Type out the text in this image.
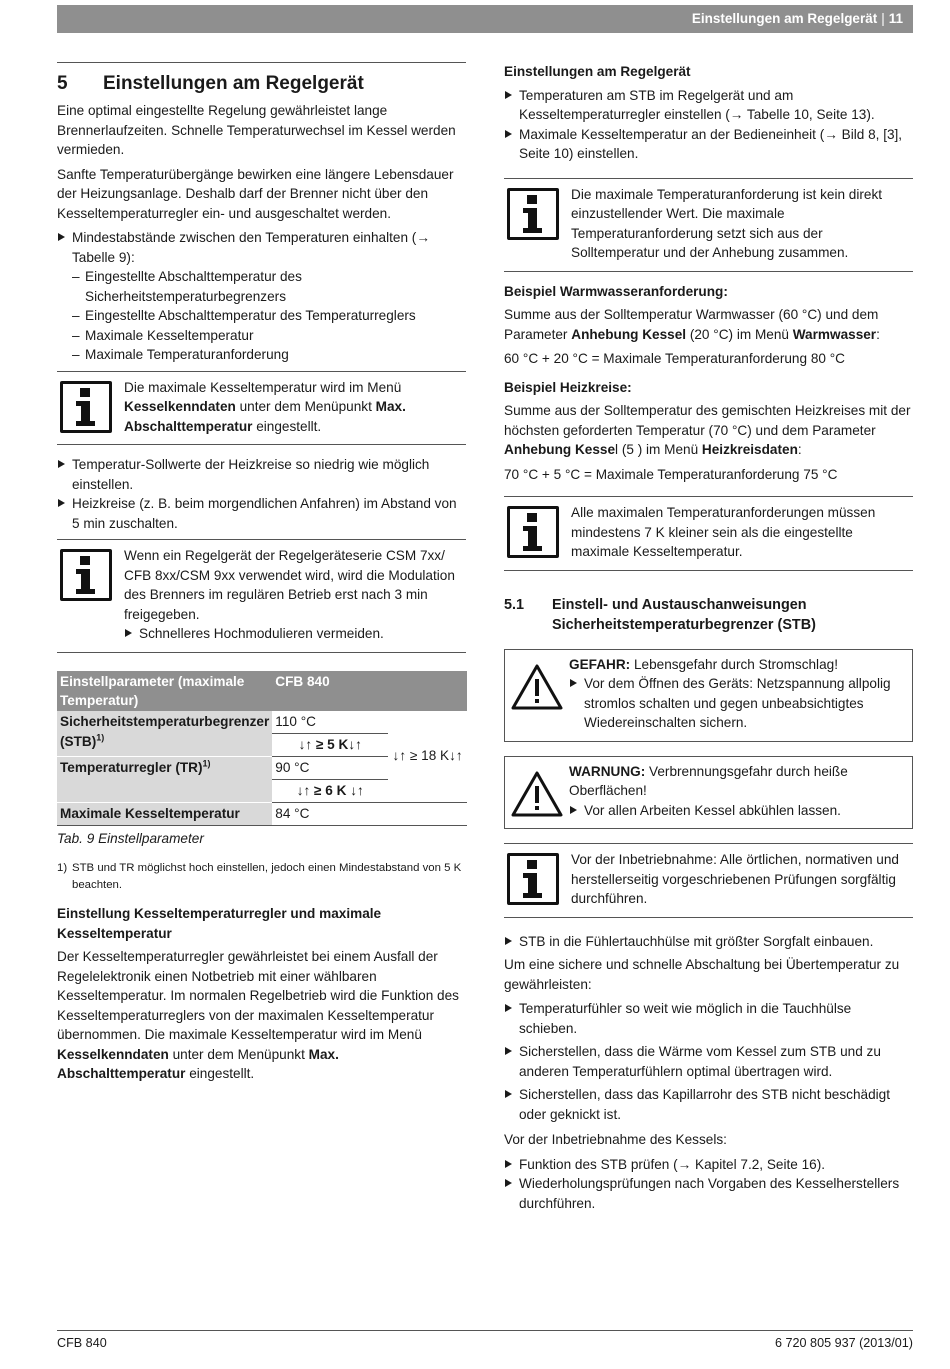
Einstellungen am Regelgerät | 11
5	Einstellungen am Regelgerät

Eine optimal eingestellte Regelung gewährleistet lange Brennerlaufzeiten. Schnelle Temperaturwechsel im Kessel werden vermieden.

Sanfte Temperaturübergänge bewirken eine längere Lebensdauer der Heizungsanlage. Deshalb darf der Brenner nicht über den Kesseltemperaturregler ein- und ausgeschaltet werden.

Mindestabstände zwischen den Temperaturen einhalten (→ Tabelle 9):
– Eingestellte Abschalttemperatur des Sicherheitstemperaturbegrenzers
– Eingestellte Abschalttemperatur des Temperaturreglers
– Maximale Kesseltemperatur
– Maximale Temperaturanforderung
Die maximale Kesseltemperatur wird im Menü Kesselkenndaten unter dem Menüpunkt Max. Abschalttemperatur eingestellt.
Temperatur-Sollwerte der Heizkreise so niedrig wie möglich einstellen.
Heizkreise (z. B. beim morgendlichen Anfahren) im Abstand von 5 min zuschalten.
Wenn ein Regelgerät der Regelgeräteserie CSM 7xx/ CFB 8xx/CSM 9xx verwendet wird, wird die Modulation des Brenners im regulären Betrieb erst nach 3 min freigegeben.
Schnelleres Hochmodulieren vermeiden.
Einstellparameter (maximale Temperatur)	CFB 840	
Sicherheitstemperaturbegrenzer (STB)$^{1)}$	110 °C	↓↑ ≥ 18 K↓↑
	↓↑ ≥ 5 K↓↑	
Temperaturregler (TR)$^{1)}$	90 °C	
	↓↑ ≥ 6 K ↓↑	
Maximale Kesseltemperatur	84 °C	
Tab. 9 Einstellparameter
1) STB und TR möglichst hoch einstellen, jedoch einen Mindestabstand von 5 K beachten.
Einstellung Kesseltemperaturregler und maximale Kesseltemperatur

Der Kesseltemperaturregler gewährleistet bei einem Ausfall der Regelelektronik einen Notbetrieb mit einer wählbaren Kesseltemperatur. Im normalen Regelbetrieb wird die Funktion des Kesseltemperaturreglers von der maximalen Kesseltemperatur übernommen. Die maximale Kesseltemperatur wird im Menü Kesselkenndaten unter dem Menüpunkt Max. Abschalttemperatur eingestellt.

Einstellungen am Regelgerät
Temperaturen am STB im Regelgerät und am Kesseltemperaturregler einstellen (→ Tabelle 10, Seite 13).
Maximale Kesseltemperatur an der Bedieneinheit (→ Bild 8, [3], Seite 10) einstellen.
Die maximale Temperaturanforderung ist kein direkt einzustellender Wert. Die maximale Temperaturanforderung setzt sich aus der Solltemperatur und der Anhebung zusammen.
Beispiel Warmwasseranforderung:

Summe aus der Solltemperatur Warmwasser (60 °C) und dem Parameter Anhebung Kessel (20 °C) im Menü Warmwasser:

60 °C + 20 °C = Maximale Temperaturanforderung 80 °C

Beispiel Heizkreise:

Summe aus der Solltemperatur des gemischten Heizkreises mit der höchsten geforderten Temperatur (70 °C) und dem Parameter Anhebung Kessel (5 ) im Menü Heizkreisdaten:

70 °C + 5 °C = Maximale Temperaturanforderung 75 °C

Alle maximalen Temperaturanforderungen müssen mindestens 7 K kleiner sein als die eingestellte maximale Kesseltemperatur.
5.1	Einstell- und Austauschanweisungen Sicherheitstemperaturbegrenzer (STB)
GEFAHR: Lebensgefahr durch Stromschlag!
Vor dem Öffnen des Geräts: Netzspannung allpolig stromlos schalten und gegen unbeabsichtigtes Wiedereinschalten sichern.
WARNUNG: Verbrennungsgefahr durch heiße Oberflächen!
Vor allen Arbeiten Kessel abkühlen lassen.
Vor der Inbetriebnahme: Alle örtlichen, normativen und herstellerseitig vorgeschriebenen Prüfungen sorgfältig durchführen.
STB in die Fühlertauchhülse mit größter Sorgfalt einbauen.

Um eine sichere und schnelle Abschaltung bei Übertemperatur zu gewährleisten:

Temperaturfühler so weit wie möglich in die Tauchhülse schieben.
Sicherstellen, dass die Wärme vom Kessel zum STB und zu anderen Temperaturfühlern optimal übertragen wird.
Sicherstellen, dass das Kapillarrohr des STB nicht beschädigt oder geknickt ist.

Vor der Inbetriebnahme des Kessels:

Funktion des STB prüfen (→ Kapitel 7.2, Seite 16).
Wiederholungsprüfungen nach Vorgaben des Kesselherstellers durchführen.
CFB 840	6 720 805 937 (2013/01)
